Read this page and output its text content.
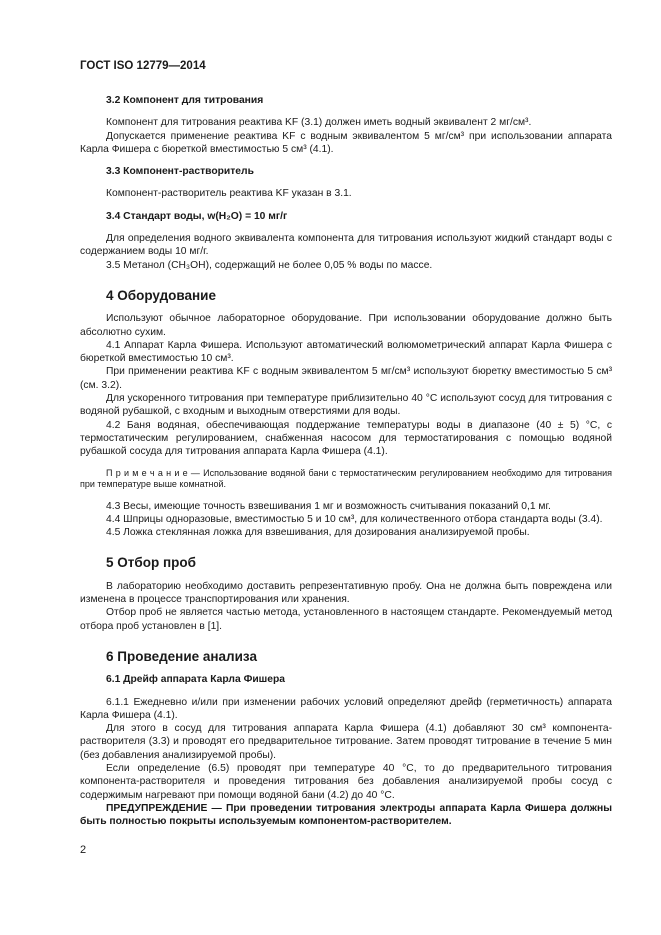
ГОСТ ISO 12779—2014

3.2 Компонент для титрования

Компонент для титрования реактива KF (3.1) должен иметь водный эквивалент 2 мг/см³.

Допускается применение реактива KF с водным эквивалентом 5 мг/см³ при использовании аппарата Карла Фишера с бюреткой вместимостью 5 см³ (4.1).

3.3 Компонент-растворитель

Компонент-растворитель реактива KF указан в 3.1.

3.4 Стандарт воды, w(H₂O) = 10 мг/г

Для определения водного эквивалента компонента для титрования используют жидкий стандарт воды с содержанием воды 10 мг/г.

3.5 Метанол (CH₃OH), содержащий не более 0,05 % воды по массе.

4 Оборудование

Используют обычное лабораторное оборудование. При использовании оборудование должно быть абсолютно сухим.

4.1 Аппарат Карла Фишера. Используют автоматический волюмометрический аппарат Карла Фишера с бюреткой вместимостью 10 см³.

При применении реактива KF с водным эквивалентом 5 мг/см³ используют бюретку вместимостью 5 см³ (см. 3.2).

Для ускоренного титрования при температуре приблизительно 40 °С используют сосуд для титрования с водяной рубашкой, с входным и выходным отверстиями для воды.

4.2 Баня водяная, обеспечивающая поддержание температуры воды в диапазоне (40 ± 5) °С, с термостатическим регулированием, снабженная насосом для термостатирования с помощью водяной рубашкой сосуда для титрования аппарата Карла Фишера (4.1).

П р и м е ч а н и е — Использование водяной бани с термостатическим регулированием необходимо для титрования при температуре выше комнатной.

4.3 Весы, имеющие точность взвешивания 1 мг и возможность считывания показаний 0,1 мг.

4.4 Шприцы одноразовые, вместимостью 5 и 10 см³, для количественного отбора стандарта воды (3.4).

4.5 Ложка стеклянная ложка для взвешивания, для дозирования анализируемой пробы.

5 Отбор проб

В лабораторию необходимо доставить репрезентативную пробу. Она не должна быть повреждена или изменена в процессе транспортирования или хранения.

Отбор проб не является частью метода, установленного в настоящем стандарте. Рекомендуемый метод отбора проб установлен в [1].

6 Проведение анализа

6.1 Дрейф аппарата Карла Фишера

6.1.1 Ежедневно и/или при изменении рабочих условий определяют дрейф (герметичность) аппарата Карла Фишера (4.1).

Для этого в сосуд для титрования аппарата Карла Фишера (4.1) добавляют 30 см³ компонента-растворителя (3.3) и проводят его предварительное титрование. Затем проводят титрование в течение 5 мин (без добавления анализируемой пробы).

Если определение (6.5) проводят при температуре 40 °С, то до предварительного титрования компонента-растворителя и проведения титрования без добавления анализируемой пробы сосуд с содержимым нагревают при помощи водяной бани (4.2) до 40 °С.

ПРЕДУПРЕЖДЕНИЕ — При проведении титрования электроды аппарата Карла Фишера должны быть полностью покрыты используемым компонентом-растворителем.

2
